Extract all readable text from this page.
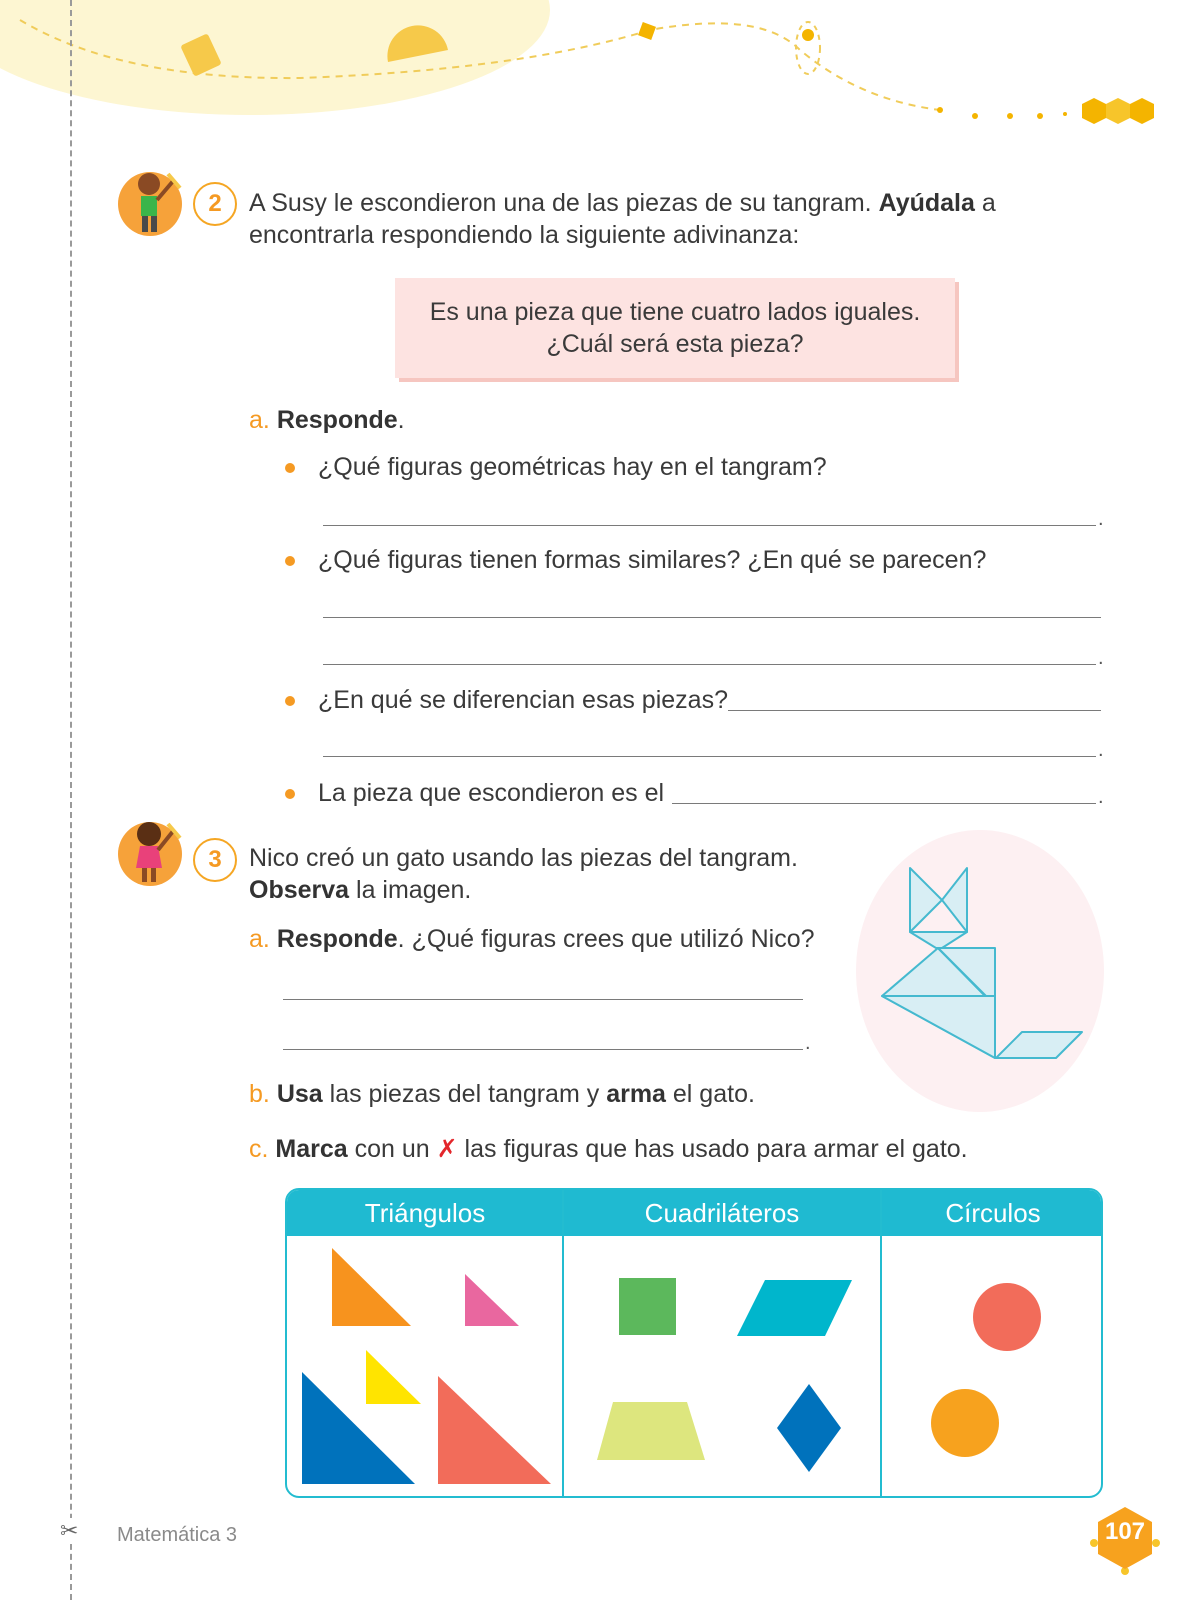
2	A Susy le escondieron una de las piezas de su tangram. Ayúdala a
encontrarla respondiendo la siguiente adivinanza:
Es una pieza que tiene cuatro lados iguales.
¿Cuál será esta pieza?
a. Responde.
¿Qué figuras geométricas hay en el tangram?
.
¿Qué figuras tienen formas similares? ¿En qué se parecen?
.
¿En qué se diferencian esas piezas?
.
La pieza que escondieron es el	.
3	Nico creó un gato usando las piezas del tangram.
Observa la imagen.
a. Responde. ¿Qué figuras crees que utilizó Nico?
.
b. Usa las piezas del tangram y arma el gato.
c. Marca con un ✗ las figuras que has usado para armar el gato.
Triángulos	Cuadriláteros	Círculos
✂ Matemática 3	107
